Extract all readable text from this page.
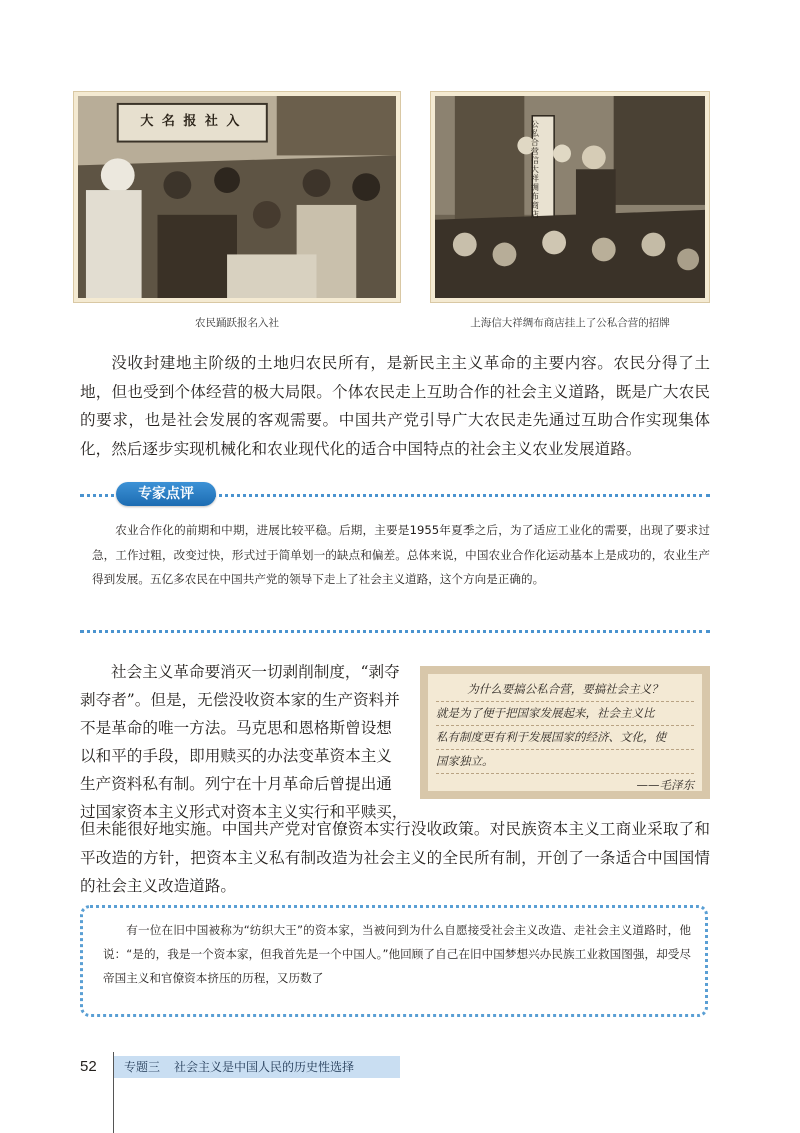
大 名 报 社 入
农民踊跃报名入社
公私合营信大祥绸布商店
上海信大祥绸布商店挂上了公私合营的招牌

没收封建地主阶级的土地归农民所有，是新民主主义革命的主要内容。农民分得了土地，但也受到个体经营的极大局限。个体农民走上互助合作的社会主义道路，既是广大农民的要求，也是社会发展的客观需要。中国共产党引导广大农民走先通过互助合作实现集体化，然后逐步实现机械化和农业现代化的适合中国特点的社会主义农业发展道路。

专家点评

农业合作化的前期和中期，进展比较平稳。后期，主要是1955年夏季之后，为了适应工业化的需要，出现了要求过急，工作过粗，改变过快，形式过于简单划一的缺点和偏差。总体来说，中国农业合作化运动基本上是成功的，农业生产得到发展。五亿多农民在中国共产党的领导下走上了社会主义道路，这个方向是正确的。

社会主义革命要消灭一切剥削制度，“剥夺

剥夺者”。但是，无偿没收资本家的生产资料并

不是革命的唯一方法。马克思和恩格斯曾设想

以和平的手段，即用赎买的办法变革资本主义

生产资料私有制。列宁在十月革命后曾提出通

过国家资本主义形式对资本主义实行和平赎买，

但未能很好地实施。中国共产党对官僚资本实行没收政策。对民族资本主义工商业采取了和平改造的方针，把资本主义私有制改造为社会主义的全民所有制，开创了一条适合中国国情的社会主义改造道路。

为什么要搞公私合营，要搞社会主义？
就是为了便于把国家发展起来，社会主义比
私有制度更有利于发展国家的经济、文化，使
国家独立。
——毛泽东

有一位在旧中国被称为“纺织大王”的资本家，当被问到为什么自愿接受社会主义改造、走社会主义道路时，他说：“是的，我是一个资本家，但我首先是一个中国人。”他回顾了自己在旧中国梦想兴办民族工业救国图强，却受尽帝国主义和官僚资本挤压的历程，又历数了

52	专题三 社会主义是中国人民的历史性选择
